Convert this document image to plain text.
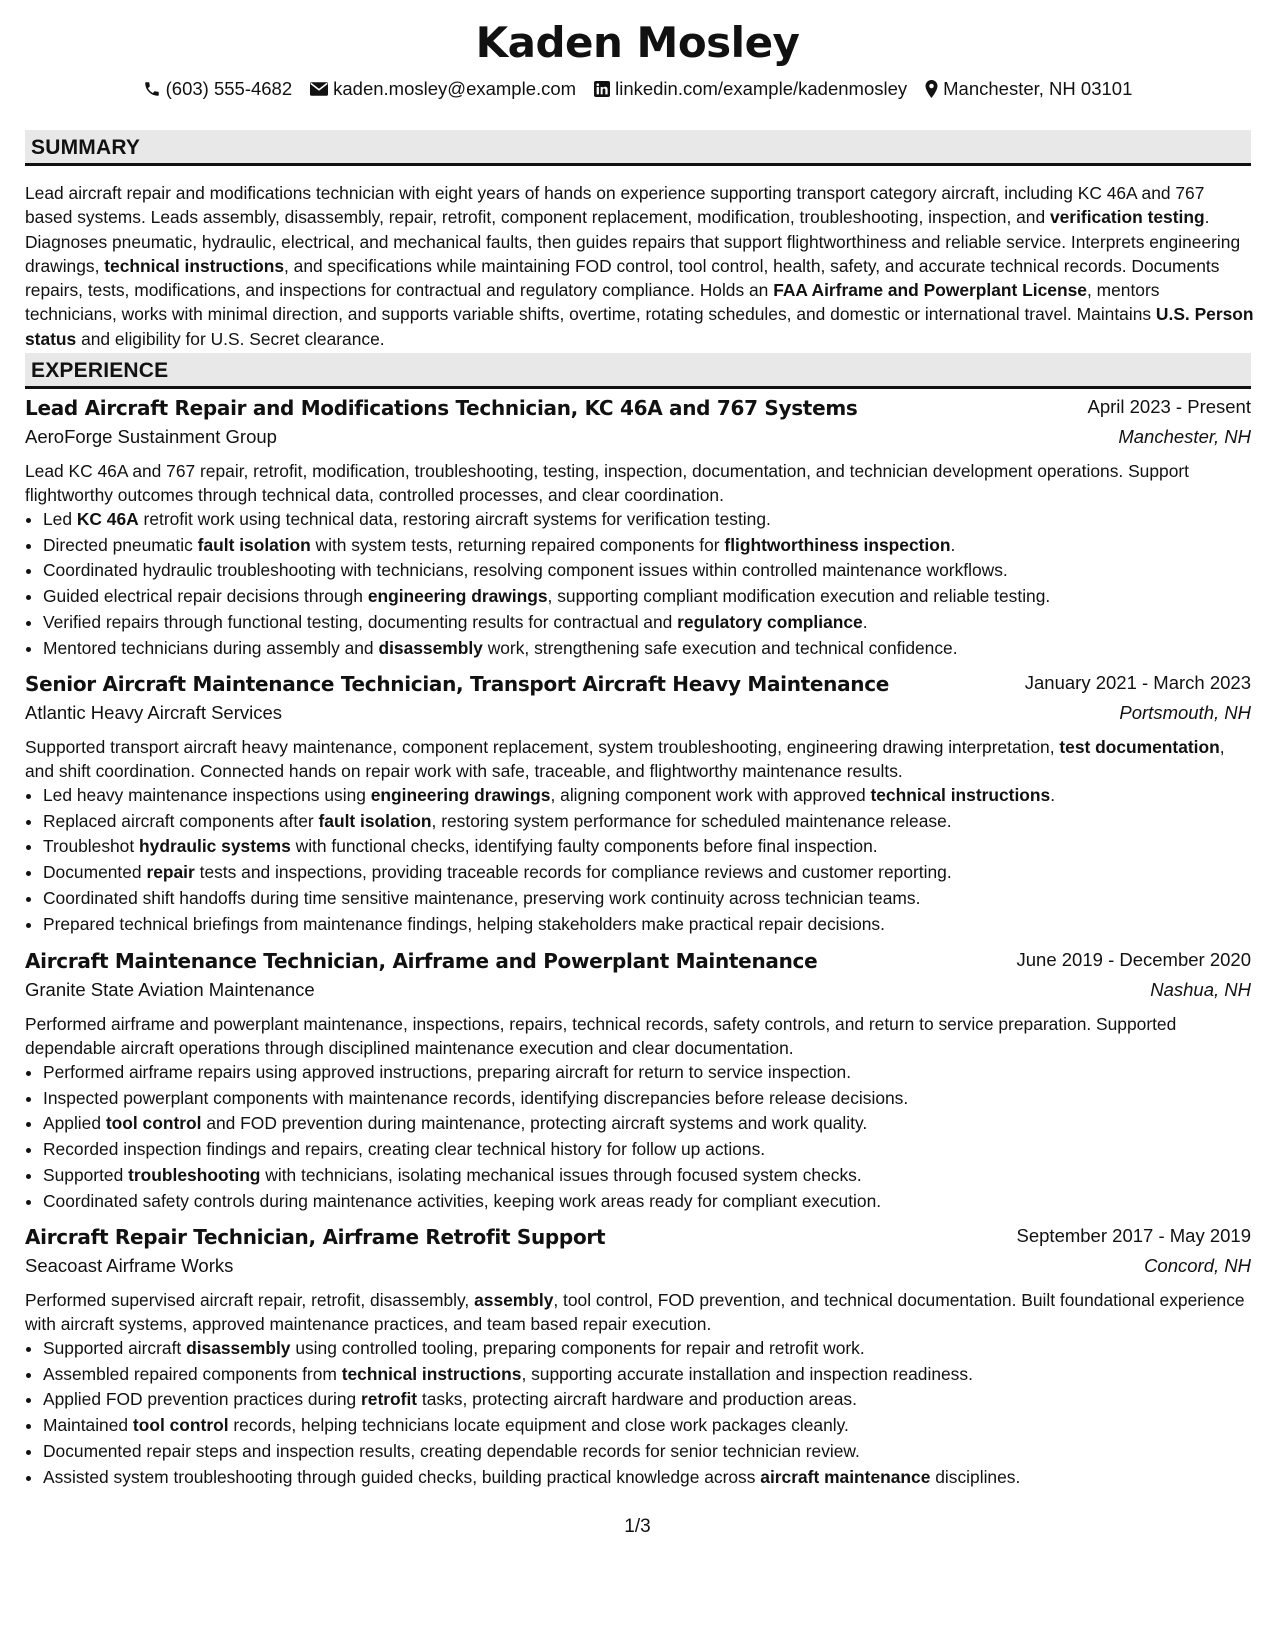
Kaden Mosley
(603) 555-4682 kaden.mosley@example.com linkedin.com/example/kadenmosley Manchester, NH 03101
SUMMARY
Lead aircraft repair and modifications technician with eight years of hands on experience supporting transport category aircraft, including KC 46A and 767 based systems. Leads assembly, disassembly, repair, retrofit, component replacement, modification, troubleshooting, inspection, and verification testing. Diagnoses pneumatic, hydraulic, electrical, and mechanical faults, then guides repairs that support flightworthiness and reliable service. Interprets engineering drawings, technical instructions, and specifications while maintaining FOD control, tool control, health, safety, and accurate technical records. Documents repairs, tests, modifications, and inspections for contractual and regulatory compliance. Holds an FAA Airframe and Powerplant License, mentors technicians, works with minimal direction, and supports variable shifts, overtime, rotating schedules, and domestic or international travel. Maintains U.S. Person status and eligibility for U.S. Secret clearance.
EXPERIENCE
Lead Aircraft Repair and Modifications Technician, KC 46A and 767 Systems	April 2023 - Present
AeroForge Sustainment Group	Manchester, NH
Lead KC 46A and 767 repair, retrofit, modification, troubleshooting, testing, inspection, documentation, and technician development operations. Support flightworthy outcomes through technical data, controlled processes, and clear coordination.
• Led KC 46A retrofit work using technical data, restoring aircraft systems for verification testing.
• Directed pneumatic fault isolation with system tests, returning repaired components for flightworthiness inspection.
• Coordinated hydraulic troubleshooting with technicians, resolving component issues within controlled maintenance workflows.
• Guided electrical repair decisions through engineering drawings, supporting compliant modification execution and reliable testing.
• Verified repairs through functional testing, documenting results for contractual and regulatory compliance.
• Mentored technicians during assembly and disassembly work, strengthening safe execution and technical confidence.
Senior Aircraft Maintenance Technician, Transport Aircraft Heavy Maintenance	January 2021 - March 2023
Atlantic Heavy Aircraft Services	Portsmouth, NH
Supported transport aircraft heavy maintenance, component replacement, system troubleshooting, engineering drawing interpretation, test documentation, and shift coordination. Connected hands on repair work with safe, traceable, and flightworthy maintenance results.
• Led heavy maintenance inspections using engineering drawings, aligning component work with approved technical instructions.
• Replaced aircraft components after fault isolation, restoring system performance for scheduled maintenance release.
• Troubleshot hydraulic systems with functional checks, identifying faulty components before final inspection.
• Documented repair tests and inspections, providing traceable records for compliance reviews and customer reporting.
• Coordinated shift handoffs during time sensitive maintenance, preserving work continuity across technician teams.
• Prepared technical briefings from maintenance findings, helping stakeholders make practical repair decisions.
Aircraft Maintenance Technician, Airframe and Powerplant Maintenance	June 2019 - December 2020
Granite State Aviation Maintenance	Nashua, NH
Performed airframe and powerplant maintenance, inspections, repairs, technical records, safety controls, and return to service preparation. Supported dependable aircraft operations through disciplined maintenance execution and clear documentation.
• Performed airframe repairs using approved instructions, preparing aircraft for return to service inspection.
• Inspected powerplant components with maintenance records, identifying discrepancies before release decisions.
• Applied tool control and FOD prevention during maintenance, protecting aircraft systems and work quality.
• Recorded inspection findings and repairs, creating clear technical history for follow up actions.
• Supported troubleshooting with technicians, isolating mechanical issues through focused system checks.
• Coordinated safety controls during maintenance activities, keeping work areas ready for compliant execution.
Aircraft Repair Technician, Airframe Retrofit Support	September 2017 - May 2019
Seacoast Airframe Works	Concord, NH
Performed supervised aircraft repair, retrofit, disassembly, assembly, tool control, FOD prevention, and technical documentation. Built foundational experience with aircraft systems, approved maintenance practices, and team based repair execution.
• Supported aircraft disassembly using controlled tooling, preparing components for repair and retrofit work.
• Assembled repaired components from technical instructions, supporting accurate installation and inspection readiness.
• Applied FOD prevention practices during retrofit tasks, protecting aircraft hardware and production areas.
• Maintained tool control records, helping technicians locate equipment and close work packages cleanly.
• Documented repair steps and inspection results, creating dependable records for senior technician review.
• Assisted system troubleshooting through guided checks, building practical knowledge across aircraft maintenance disciplines.
1/3
